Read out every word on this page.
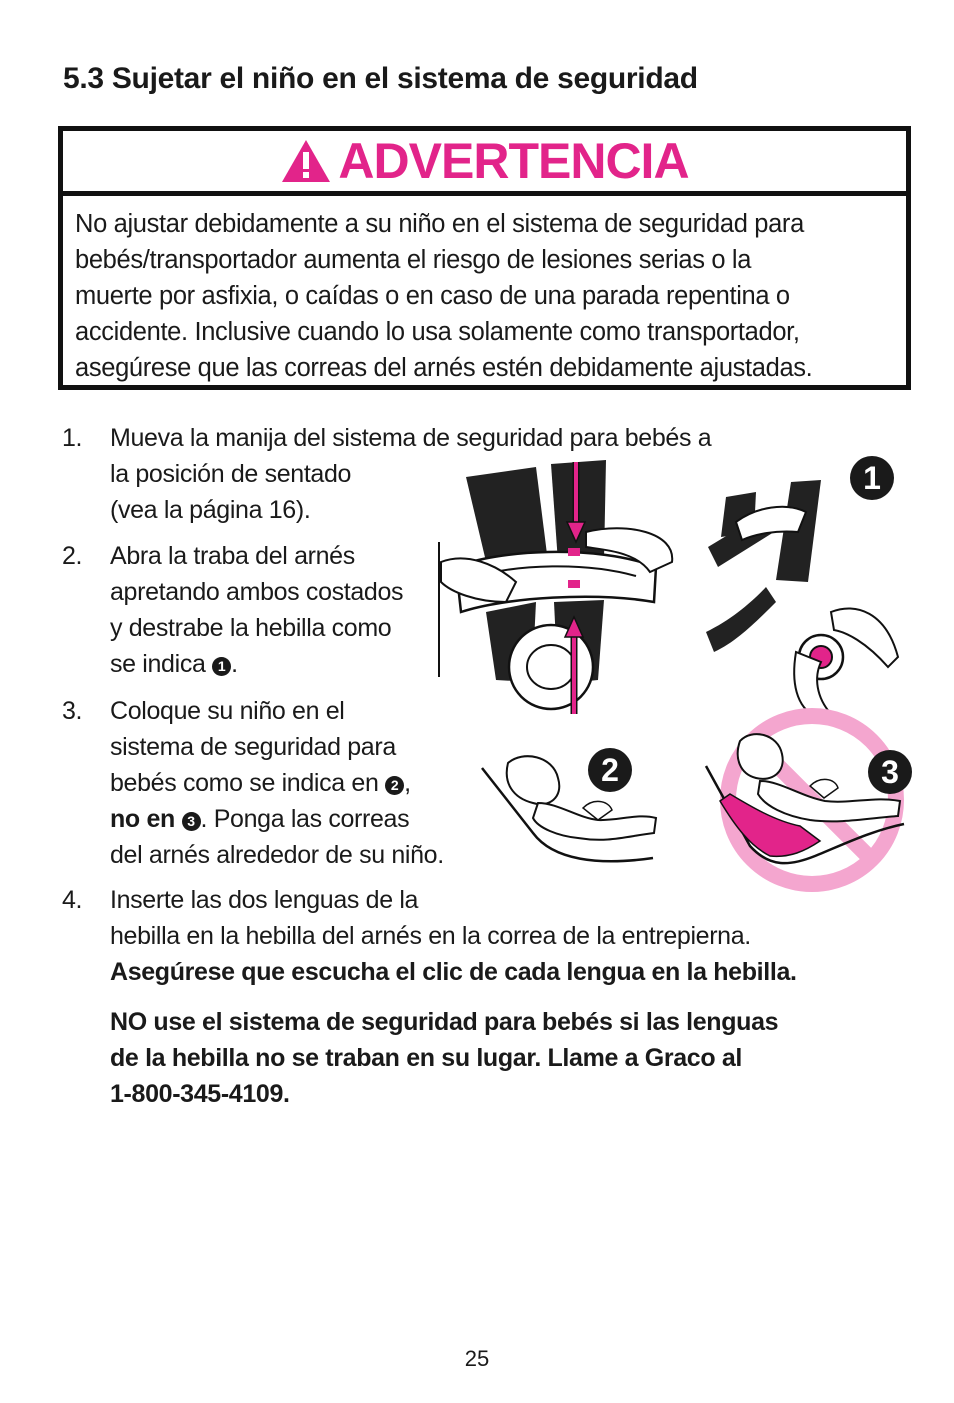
5.3 Sujetar el niño en el sistema de seguridad
ADVERTENCIA
No ajustar debidamente a su niño en el sistema de seguridad para
bebés/transportador aumenta el riesgo de lesiones serias o la
muerte por asfixia, o caídas o en caso de una parada repentina o
accidente. Inclusive cuando lo usa solamente como transportador,
asegúrese que las correas del arnés estén debidamente ajustadas.
1.	Mueva la manija del sistema de seguridad para bebés a
la posición de sentado
(vea la página 16).
2.	Abra la traba del arnés
apretando ambos costados
y destrabe la hebilla como
se indica 1 .
3.	Coloque su niño en el
sistema de seguridad para
bebés como se indica en 2 ,
no en 3 . Ponga las correas
del arnés alrededor de su niño.
4.	Inserte las dos lenguas de la
hebilla en la hebilla del arnés en la correa de la entrepierna.
Asegúrese que escucha el clic de cada lengua en la hebilla.
NO use el sistema de seguridad para bebés si las lenguas
de la hebilla no se traban en su lugar. Llame a Graco al
1-800-345-4109.
1
2	3
25
